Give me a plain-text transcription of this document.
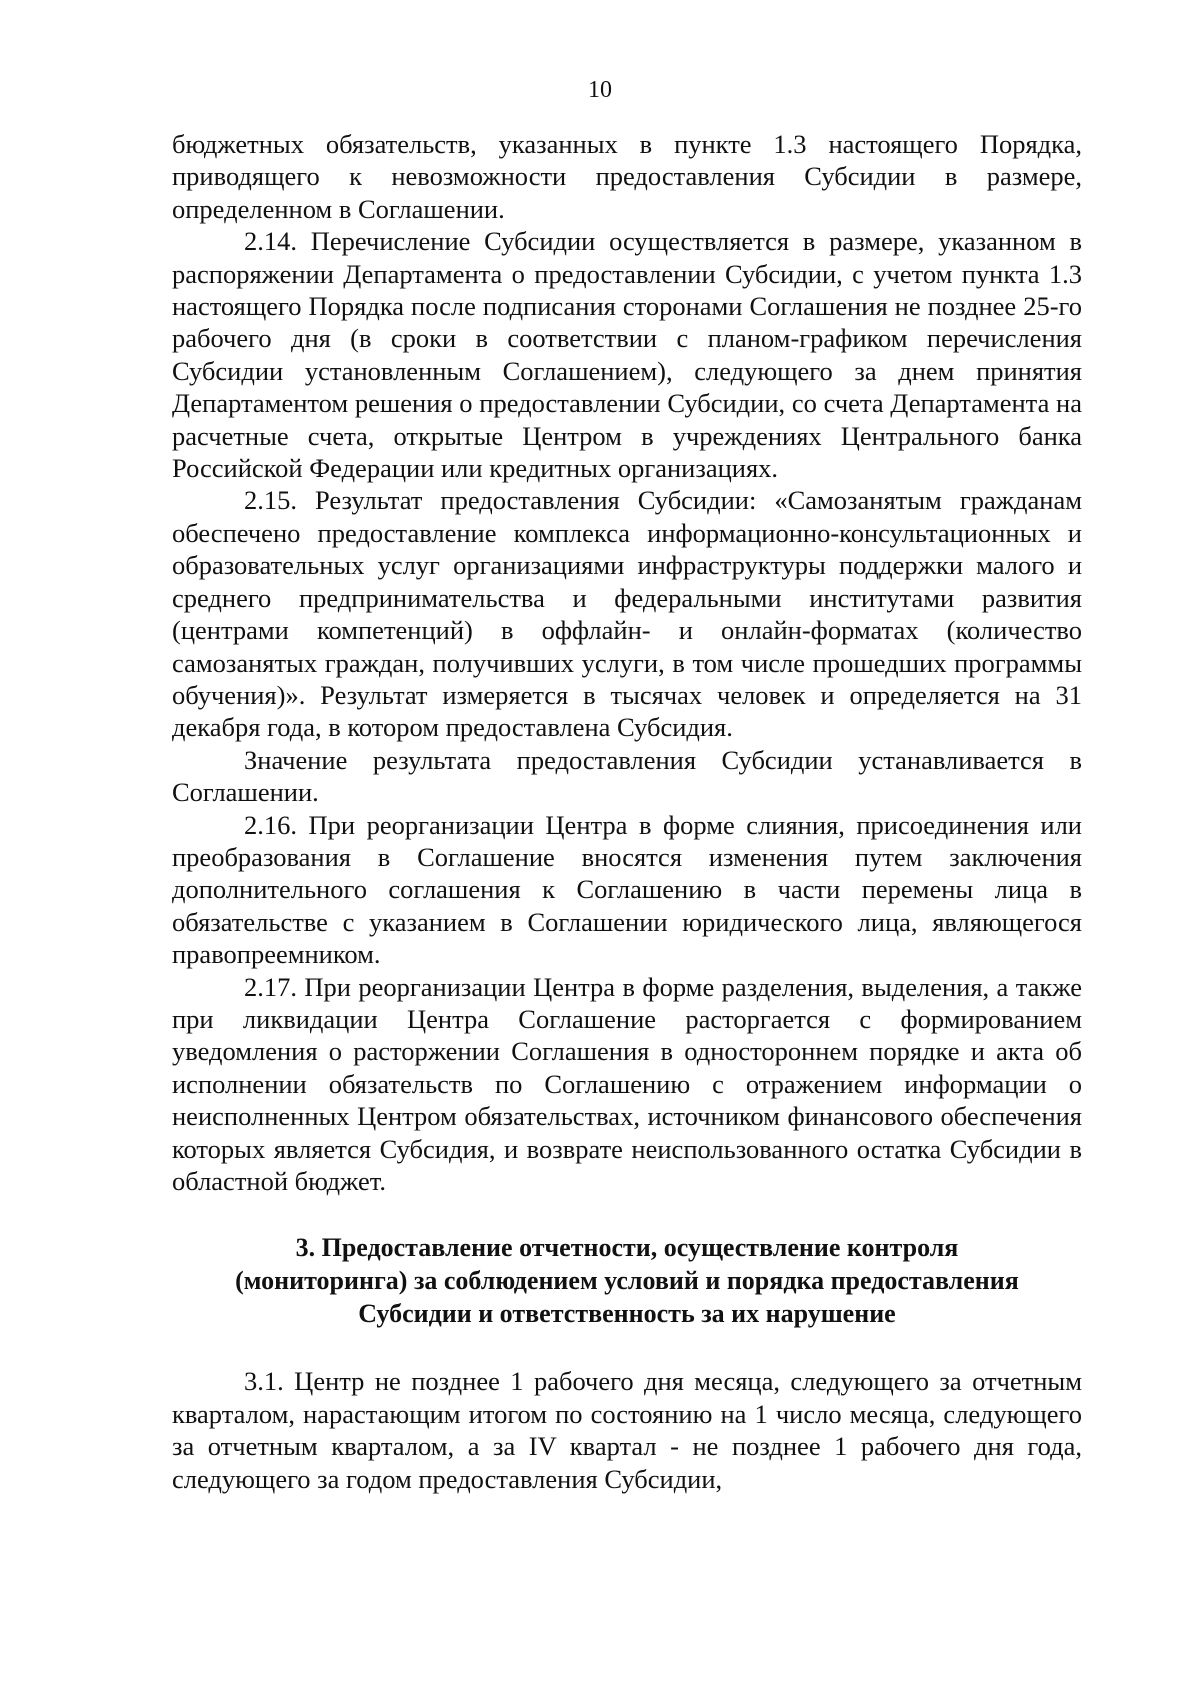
10

бюджетных обязательств, указанных в пункте 1.3 настоящего Порядка, приводящего к невозможности предоставления Субсидии в размере, определенном в Соглашении.

2.14. Перечисление Субсидии осуществляется в размере, указанном в распоряжении Департамента о предоставлении Субсидии, с учетом пункта 1.3 настоящего Порядка после подписания сторонами Соглашения не позднее 25-го рабочего дня (в сроки в соответствии с планом-графиком перечисления Субсидии установленным Соглашением), следующего за днем принятия Департаментом решения о предоставлении Субсидии, со счета Департамента на расчетные счета, открытые Центром в учреждениях Центрального банка Российской Федерации или кредитных организациях.

2.15. Результат предоставления Субсидии: «Самозанятым гражданам обеспечено предоставление комплекса информационно-консультационных и образовательных услуг организациями инфраструктуры поддержки малого и среднего предпринимательства и федеральными институтами развития (центрами компетенций) в оффлайн- и онлайн-форматах (количество самозанятых граждан, получивших услуги, в том числе прошедших программы обучения)». Результат измеряется в тысячах человек и определяется на 31 декабря года, в котором предоставлена Субсидия.

Значение результата предоставления Субсидии устанавливается в Соглашении.

2.16. При реорганизации Центра в форме слияния, присоединения или преобразования в Соглашение вносятся изменения путем заключения дополнительного соглашения к Соглашению в части перемены лица в обязательстве с указанием в Соглашении юридического лица, являющегося правопреемником.

2.17. При реорганизации Центра в форме разделения, выделения, а также при ликвидации Центра Соглашение расторгается с формированием уведомления о расторжении Соглашения в одностороннем порядке и акта об исполнении обязательств по Соглашению с отражением информации о неисполненных Центром обязательствах, источником финансового обеспечения которых является Субсидия, и возврате неиспользованного остатка Субсидии в областной бюджет.

3. Предоставление отчетности, осуществление контроля
(мониторинга) за соблюдением условий и порядка предоставления
Субсидии и ответственность за их нарушение

3.1. Центр не позднее 1 рабочего дня месяца, следующего за отчетным кварталом, нарастающим итогом по состоянию на 1 число месяца, следующего за отчетным кварталом, а за IV квартал - не позднее 1 рабочего дня года, следующего за годом предоставления Субсидии,
